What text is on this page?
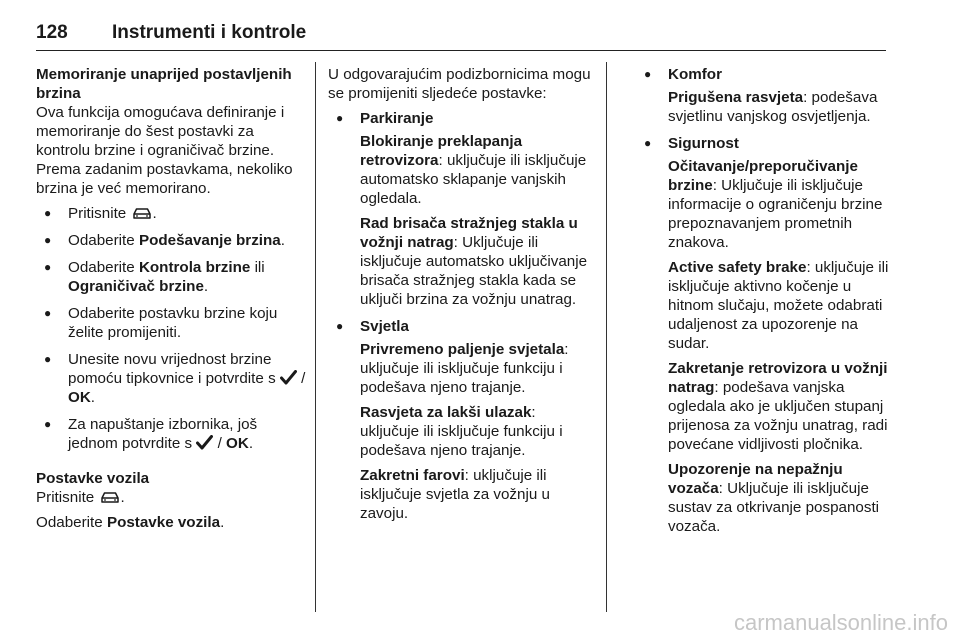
128 Instrumenti i kontrole

Memoriranje unaprijed postavljenih brzina

Ova funkcija omogućava definiranje i memoriranje do šest postavki za kontrolu brzine i ograničivač brzine.

Prema zadanim postavkama, nekoliko brzina je već memorirano.

● Pritisnite .
● Odaberite Podešavanje brzina.
● Odaberite Kontrola brzine ili Ograničivač brzine.
● Odaberite postavku brzine koju želite promijeniti.
● Unesite novu vrijednost brzine pomoću tipkovnice i potvrdite s / OK.
● Za napuštanje izbornika, još jednom potvrdite s / OK.

Postavke vozila

Pritisnite .

Odaberite Postavke vozila.

U odgovarajućim podizbornicima mogu se promijeniti sljedeće postavke:

● Parkiranje

Blokiranje preklapanja retrovizora: uključuje ili isključuje automatsko sklapanje vanjskih ogledala.

Rad brisača stražnjeg stakla u vožnji natrag: Uključuje ili isključuje automatsko uključivanje brisača stražnjeg stakla kada se uključi brzina za vožnju unatrag.

● Svjetla

Privremeno paljenje svjetala: uključuje ili isključuje funkciju i podešava njeno trajanje.

Rasvjeta za lakši ulazak: uključuje ili isključuje funkciju i podešava njeno trajanje.

Zakretni farovi: uključuje ili isključuje svjetla za vožnju u zavoju.

● Komfor

Prigušena rasvjeta: podešava svjetlinu vanjskog osvjetljenja.

● Sigurnost

Očitavanje/preporučivanje brzine: Uključuje ili isključuje informacije o ograničenju brzine prepoznavanjem prometnih znakova.

Active safety brake: uključuje ili isključuje aktivno kočenje u hitnom slučaju, možete odabrati udaljenost za upozorenje na sudar.

Zakretanje retrovizora u vožnji natrag: podešava vanjska ogledala ako je uključen stupanj prijenosa za vožnju unatrag, radi povećane vidljivosti pločnika.

Upozorenje na nepažnju vozača: Uključuje ili isključuje sustav za otkrivanje pospanosti vozača.

carmanualsonline.info
